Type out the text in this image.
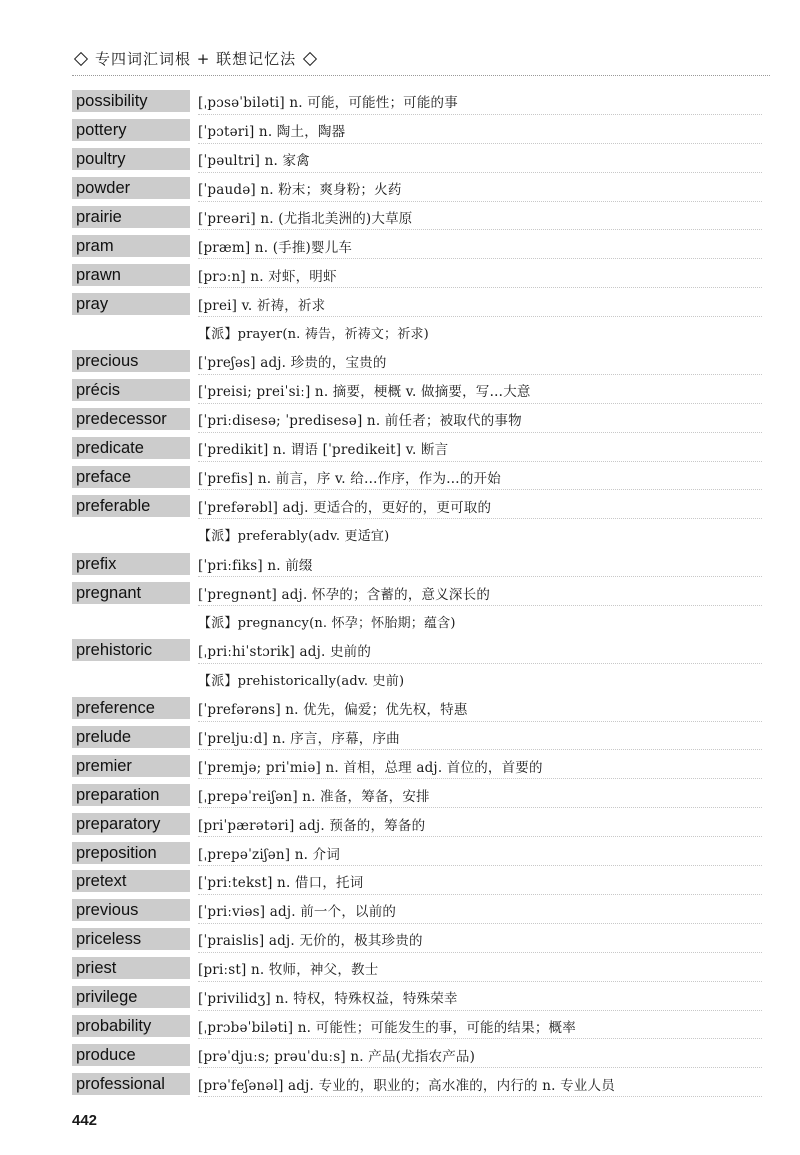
专四词汇词根 + 联想记忆法
possibility	[ˌpɔsəˈbiləti] n. 可能，可能性；可能的事
pottery	[ˈpɔtəri] n. 陶土，陶器
poultry	[ˈpəultri] n. 家禽
powder	[ˈpaudə] n. 粉末；爽身粉；火药
prairie	[ˈpreəri] n. (尤指北美洲的)大草原
pram	[præm] n. (手推)婴儿车
prawn	[prɔːn] n. 对虾，明虾
pray	[prei] v. 祈祷，祈求
【派】prayer(n. 祷告，祈祷文；祈求)
precious	[ˈpreʃəs] adj. 珍贵的，宝贵的
précis	[ˈpreisi; preiˈsiː] n. 摘要，梗概 v. 做摘要，写…大意
predecessor	[ˈpriːdisesə; ˈpredisesə] n. 前任者；被取代的事物
predicate	[ˈpredikit] n. 谓语 [ˈpredikeit] v. 断言
preface	[ˈprefis] n. 前言，序 v. 给…作序，作为…的开始
preferable	[ˈprefərəbl] adj. 更适合的，更好的，更可取的
【派】preferably(adv. 更适宜)
prefix	[ˈpriːfiks] n. 前缀
pregnant	[ˈpregnənt] adj. 怀孕的；含蓄的，意义深长的
【派】pregnancy(n. 怀孕；怀胎期；蕴含)
prehistoric	[ˌpriːhiˈstɔrik] adj. 史前的
【派】prehistorically(adv. 史前)
preference	[ˈprefərəns] n. 优先，偏爱；优先权，特惠
prelude	[ˈpreljuːd] n. 序言，序幕，序曲
premier	[ˈpremjə; priˈmiə] n. 首相，总理 adj. 首位的，首要的
preparation	[ˌprepəˈreiʃən] n. 准备，筹备，安排
preparatory	[priˈpærətəri] adj. 预备的，筹备的
preposition	[ˌprepəˈziʃən] n. 介词
pretext	[ˈpriːtekst] n. 借口，托词
previous	[ˈpriːviəs] adj. 前一个，以前的
priceless	[ˈpraislis] adj. 无价的，极其珍贵的
priest	[priːst] n. 牧师，神父，教士
privilege	[ˈprivilidʒ] n. 特权，特殊权益，特殊荣幸
probability	[ˌprɔbəˈbiləti] n. 可能性；可能发生的事，可能的结果；概率
produce	[prəˈdjuːs; prəuˈduːs] n. 产品(尤指农产品)
professional	[prəˈfeʃənəl] adj. 专业的，职业的；高水准的，内行的 n. 专业人员
442
